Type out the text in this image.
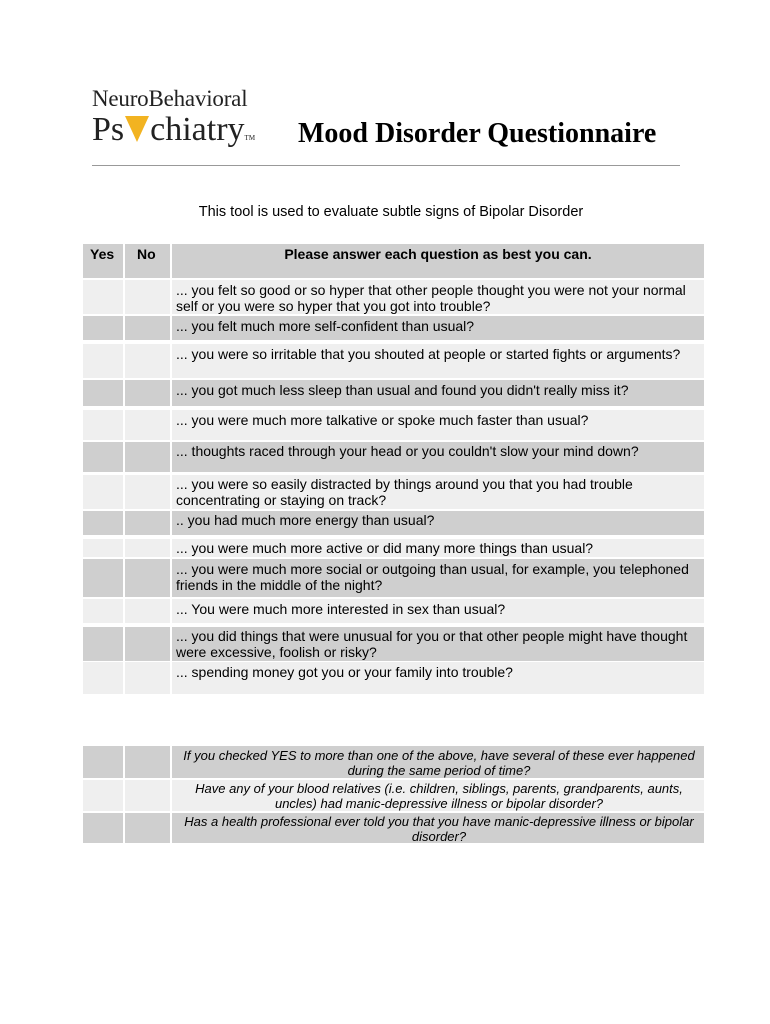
NeuroBehavioral
Ps chiatryTM Mood Disorder Questionnaire
This tool is used to evaluate subtle signs of Bipolar Disorder
Yes No	Please answer each question as best you can.
... you felt so good or so hyper that other people thought you were not your normal self or you were so hyper that you got into trouble?
... you felt much more self-confident than usual?
... you were so irritable that you shouted at people or started fights or arguments?
... you got much less sleep than usual and found you didn't really miss it?
... you were much more talkative or spoke much faster than usual?
... thoughts raced through your head or you couldn't slow your mind down?
... you were so easily distracted by things around you that you had trouble concentrating or staying on track?
.. you had much more energy than usual?
... you were much more active or did many more things than usual?
... you were much more social or outgoing than usual, for example, you telephoned friends in the middle of the night?
... You were much more interested in sex than usual?
... you did things that were unusual for you or that other people might have thought were excessive, foolish or risky?
... spending money got you or your family into trouble?
If you checked YES to more than one of the above, have several of these ever happened during the same period of time?
Have any of your blood relatives (i.e. children, siblings, parents, grandparents, aunts, uncles) had manic-depressive illness or bipolar disorder?
Has a health professional ever told you that you have manic-depressive illness or bipolar disorder?
